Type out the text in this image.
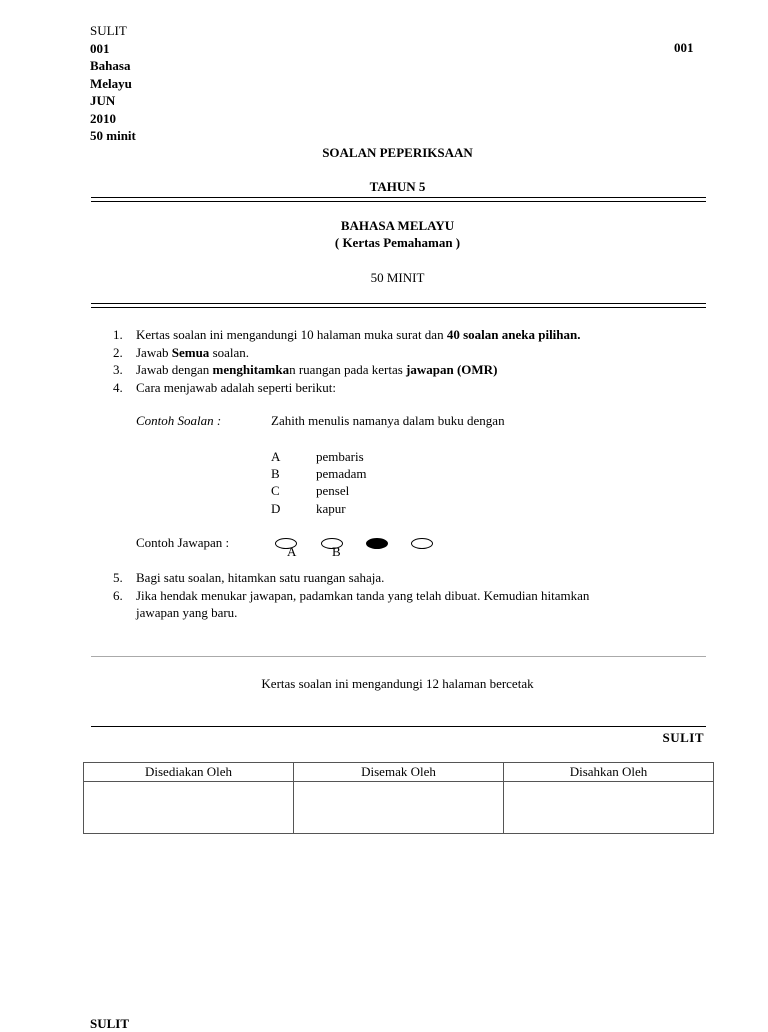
SULIT
001
Bahasa
Melayu
JUN
2010
50 minit
001
SOALAN PEPERIKSAAN
TAHUN 5
BAHASA MELAYU
( Kertas Pemahaman )
50 MINIT
1. Kertas soalan ini mengandungi 10 halaman muka surat dan 40 soalan aneka pilihan.
2. Jawab Semua soalan.
3. Jawab dengan menghitamkan ruangan pada kertas jawapan (OMR)
4. Cara menjawab adalah seperti berikut:
Contoh Soalan :	Zahith menulis namanya dalam buku dengan
A	pembaris
B	pemadam
C	pensel
D	kapur
Contoh Jawapan :
A	B
5. Bagi satu soalan, hitamkan satu ruangan sahaja.
6. Jika hendak menukar jawapan, padamkan tanda yang telah dibuat. Kemudian hitamkan
jawapan yang baru.
Kertas soalan ini mengandungi 12 halaman bercetak
SULIT
Disediakan Oleh	Disemak Oleh	Disahkan Oleh

SULIT
